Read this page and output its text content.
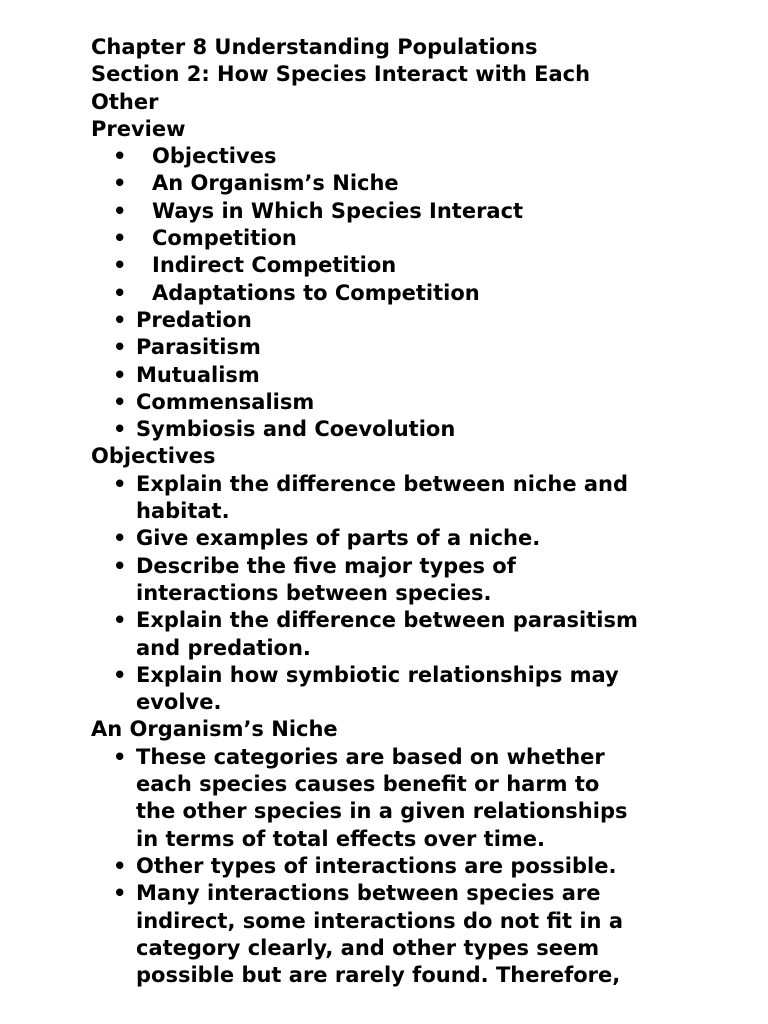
Chapter 8 Understanding Populations
Section 2: How Species Interact with Each
Other
Preview
• Objectives
• An Organism’s Niche
• Ways in Which Species Interact
• Competition
• Indirect Competition
• Adaptations to Competition
• Predation
• Parasitism
• Mutualism
• Commensalism
• Symbiosis and Coevolution
Objectives
• Explain the difference between niche and
habitat.
• Give examples of parts of a niche.
• Describe the five major types of
interactions between species.
• Explain the difference between parasitism
and predation.
• Explain how symbiotic relationships may
evolve.
An Organism’s Niche
• These categories are based on whether
each species causes benefit or harm to
the other species in a given relationships
in terms of total effects over time.
• Other types of interactions are possible.
• Many interactions between species are
indirect, some interactions do not fit in a
category clearly, and other types seem
possible but are rarely found. Therefore,
